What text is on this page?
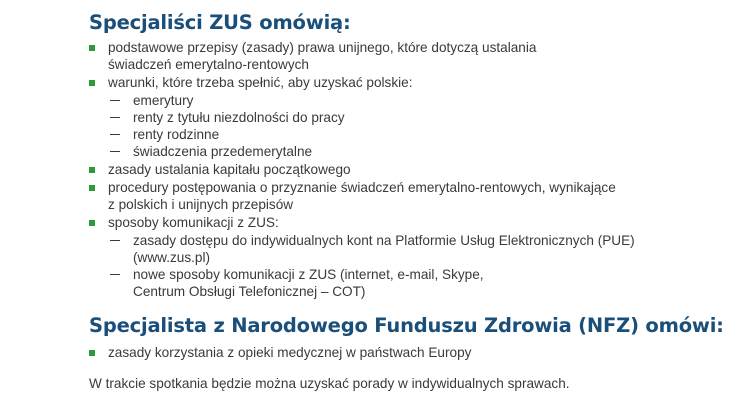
Specjaliści ZUS omówią:
podstawowe przepisy (zasady) prawa unijnego, które dotyczą ustalania
świadczeń emerytalno-rentowych
warunki, które trzeba spełnić, aby uzyskać polskie:
emerytury
renty z tytułu niezdolności do pracy
renty rodzinne
świadczenia przedemerytalne
zasady ustalania kapitału początkowego
procedury postępowania o przyznanie świadczeń emerytalno-rentowych, wynikające
z polskich i unijnych przepisów
sposoby komunikacji z ZUS:
zasady dostępu do indywidualnych kont na Platformie Usług Elektronicznych (PUE)
(www.zus.pl)
nowe sposoby komunikacji z ZUS (internet, e-mail, Skype,
Centrum Obsługi Telefonicznej – COT)
Specjalista z Narodowego Funduszu Zdrowia (NFZ) omówi:
zasady korzystania z opieki medycznej w państwach Europy
W trakcie spotkania będzie można uzyskać porady w indywidualnych sprawach.
